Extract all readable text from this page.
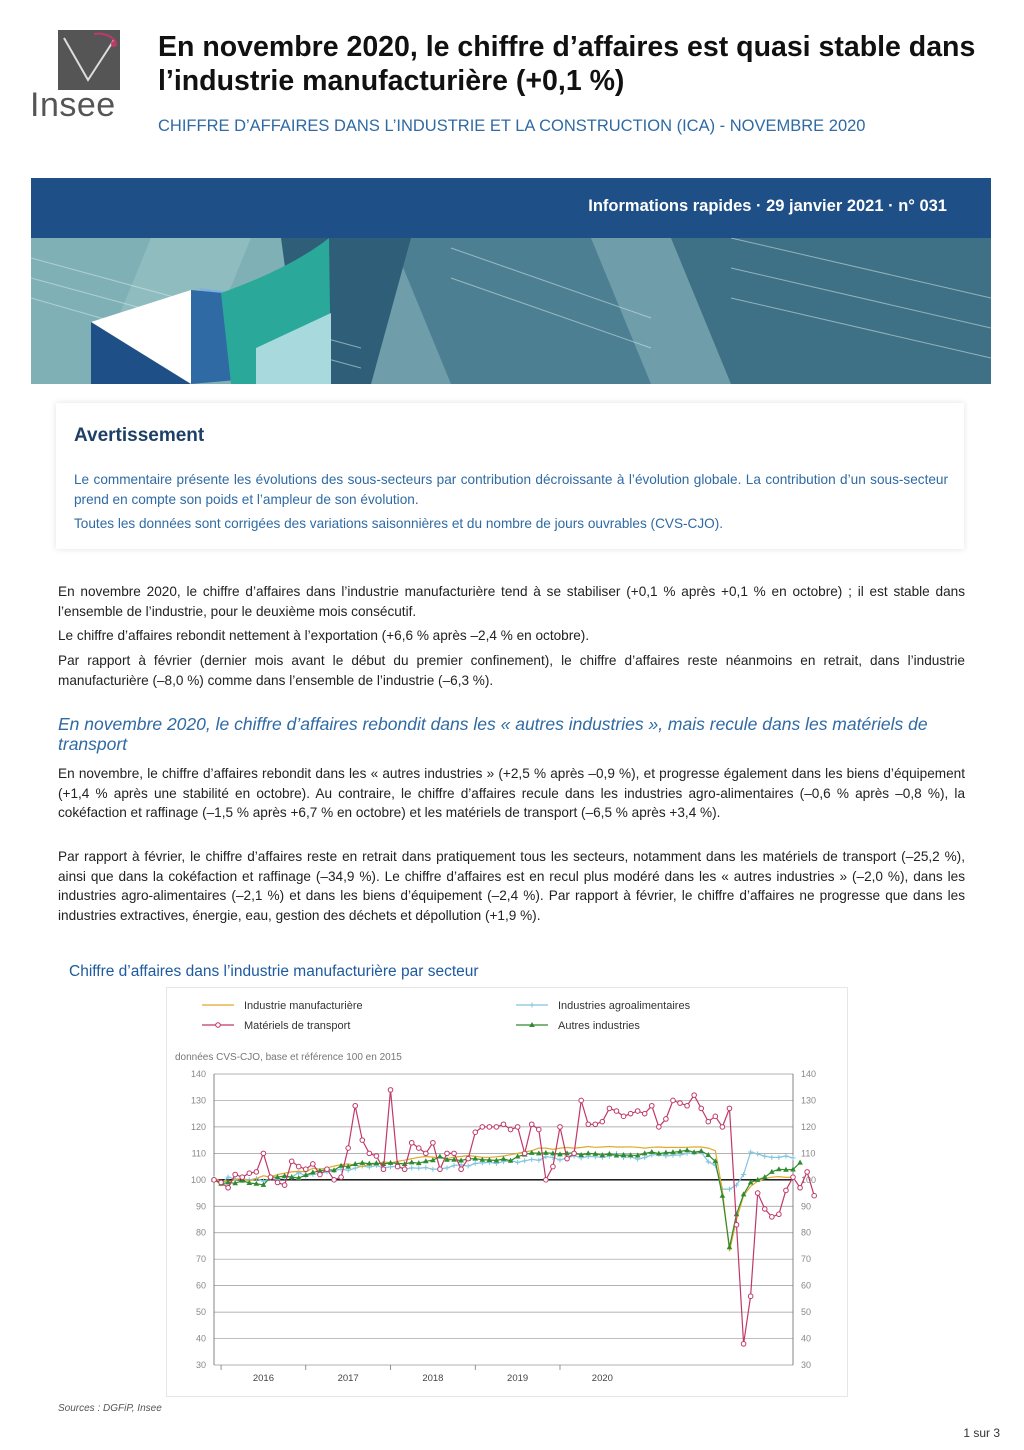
Insee
En novembre 2020, le chiffre d’affaires est quasi stable dans l’industrie manufacturière (+0,1 %)

CHIFFRE D’AFFAIRES DANS L’INDUSTRIE ET LA CONSTRUCTION (ICA) - NOVEMBRE 2020

Informations rapides · 29 janvier 2021 · n° 031
Avertissement

Le commentaire présente les évolutions des sous-secteurs par contribution décroissante à l’évolution globale. La contribution d’un sous-secteur prend en compte son poids et l’ampleur de son évolution.

Toutes les données sont corrigées des variations saisonnières et du nombre de jours ouvrables (CVS-CJO).

En novembre 2020, le chiffre d’affaires dans l’industrie manufacturière tend à se stabiliser (+0,1 % après +0,1 % en octobre) ; il est stable dans l’ensemble de l’industrie, pour le deuxième mois consécutif.

Le chiffre d’affaires rebondit nettement à l’exportation (+6,6 % après –2,4 % en octobre).

Par rapport à février (dernier mois avant le début du premier confinement), le chiffre d’affaires reste néanmoins en retrait, dans l’industrie manufacturière (–8,0 %) comme dans l’ensemble de l’industrie (–6,3 %).

En novembre 2020, le chiffre d’affaires rebondit dans les « autres industries », mais recule dans les matériels de transport

En novembre, le chiffre d’affaires rebondit dans les « autres industries » (+2,5 % après –0,9 %), et progresse également dans les biens d’équipement (+1,4 % après une stabilité en octobre). Au contraire, le chiffre d’affaires recule dans les industries agro-alimentaires (–0,6 % après –0,8 %), la cokéfaction et raffinage (–1,5 % après +6,7 % en octobre) et les matériels de transport (–6,5 % après +3,4 %).

Par rapport à février, le chiffre d’affaires reste en retrait dans pratiquement tous les secteurs, notamment dans les matériels de transport (–25,2 %), ainsi que dans la cokéfaction et raffinage (–34,9 %). Le chiffre d’affaires est en recul plus modéré dans les « autres industries » (–2,0 %), dans les industries agro-alimentaires (–2,1 %) et dans les biens d’équipement (–2,4 %). Par rapport à février, le chiffre d’affaires ne progresse que dans les industries extractives, énergie, eau, gestion des déchets et dépollution (+1,9 %).

Chiffre d’affaires dans l’industrie manufacturière par secteur
Industrie manufacturière
Matériels de transport
Industries agroalimentaires
Autres industries
données CVS-CJO, base et référence 100 en 2015
30	30
40	40
50	50
60	60
70	70
80	80
90	90
100	100
110	110
120	120
130	130
140	140
2016	2017	2018	2019	2020
Sources : DGFiP, Insee
1 sur 3
